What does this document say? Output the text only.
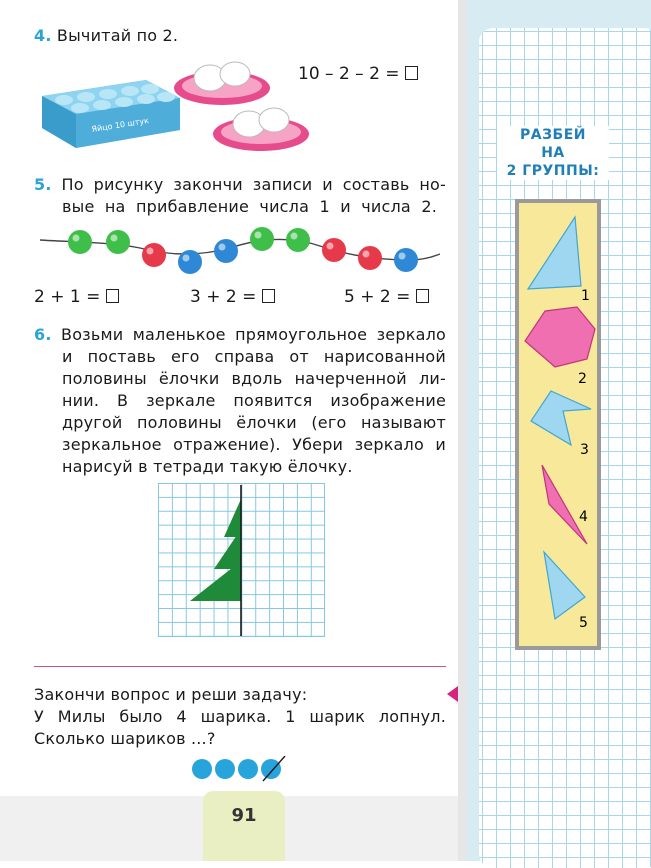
4. Вычитай по 2.
Яйцо 10 штук
10 – 2 – 2 =
5. По рисунку закончи записи и составь но-
вые на прибавление числа 1 и числа 2.
2 + 1 =	3 + 2 =	5 + 2 =
6. Возьми маленькое прямоугольное зеркало
и поставь его справа от нарисованной
половины ёлочки вдоль начерченной ли-
нии. В зеркале появится изображение
другой половины ёлочки (его называют
зеркальное отражение). Убери зеркало и
нарисуй в тетради такую ёлочку.
Закончи вопрос и реши задачу:
У Милы было 4 шарика. 1 шарик лопнул.
Сколько шариков ...?
91
РАЗБЕЙ
НА
2 ГРУППЫ:
1
2
3
4
5
